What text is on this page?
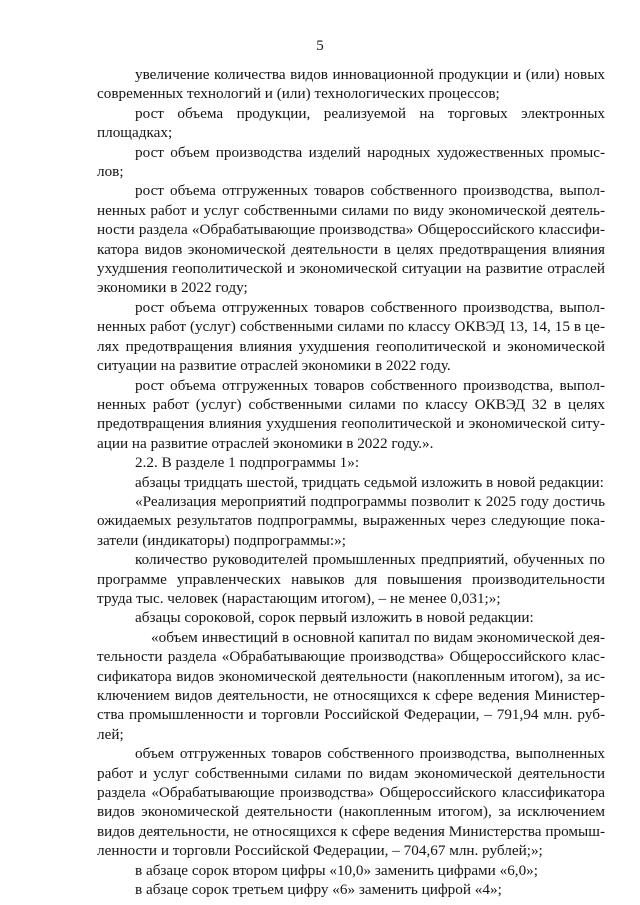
5

увеличение количества видов инновационной продукции и (или) новых современных технологий и (или) технологических процессов;

рост объема продукции, реализуемой на торговых электронных площадках;

рост объем производства изделий народных художественных промыслов;

рост объема отгруженных товаров собственного производства, выполненных работ и услуг собственными силами по виду экономической деятельности раздела «Обрабатывающие производства» Общероссийского классификатора видов экономической деятельности в целях предотвращения влияния ухудшения геополитической и экономической ситуации на развитие отраслей экономики в 2022 году;

рост объема отгруженных товаров собственного производства, выполненных работ (услуг) собственными силами по классу ОКВЭД 13, 14, 15 в целях предотвращения влияния ухудшения геополитической и экономической ситуации на развитие отраслей экономики в 2022 году.

рост объема отгруженных товаров собственного производства, выполненных работ (услуг) собственными силами по классу ОКВЭД 32 в целях предотвращения влияния ухудшения геополитической и экономической ситуации на развитие отраслей экономики в 2022 году.».

2.2. В разделе 1 подпрограммы 1»:

абзацы тридцать шестой, тридцать седьмой изложить в новой редакции:

«Реализация мероприятий подпрограммы позволит к 2025 году достичь ожидаемых результатов подпрограммы, выраженных через следующие показатели (индикаторы) подпрограммы:»;

количество руководителей промышленных предприятий, обученных по программе управленческих навыков для повышения производительности труда тыс. человек (нарастающим итогом), – не менее 0,031;»;

абзацы сороковой, сорок первый изложить в новой редакции:

«объем инвестиций в основной капитал по видам экономической деятельности раздела «Обрабатывающие производства» Общероссийского классификатора видов экономической деятельности (накопленным итогом), за исключением видов деятельности, не относящихся к сфере ведения Министерства промышленности и торговли Российской Федерации, – 791,94 млн. рублей;

объем отгруженных товаров собственного производства, выполненных работ и услуг собственными силами по видам экономической деятельности раздела «Обрабатывающие производства» Общероссийского классификатора видов экономической деятельности (накопленным итогом), за исключением видов деятельности, не относящихся к сфере ведения Министерства промышленности и торговли Российской Федерации, – 704,67 млн. рублей;»;

в абзаце сорок втором цифры «10,0» заменить цифрами «6,0»;

в абзаце сорок третьем цифру «6» заменить цифрой «4»;
